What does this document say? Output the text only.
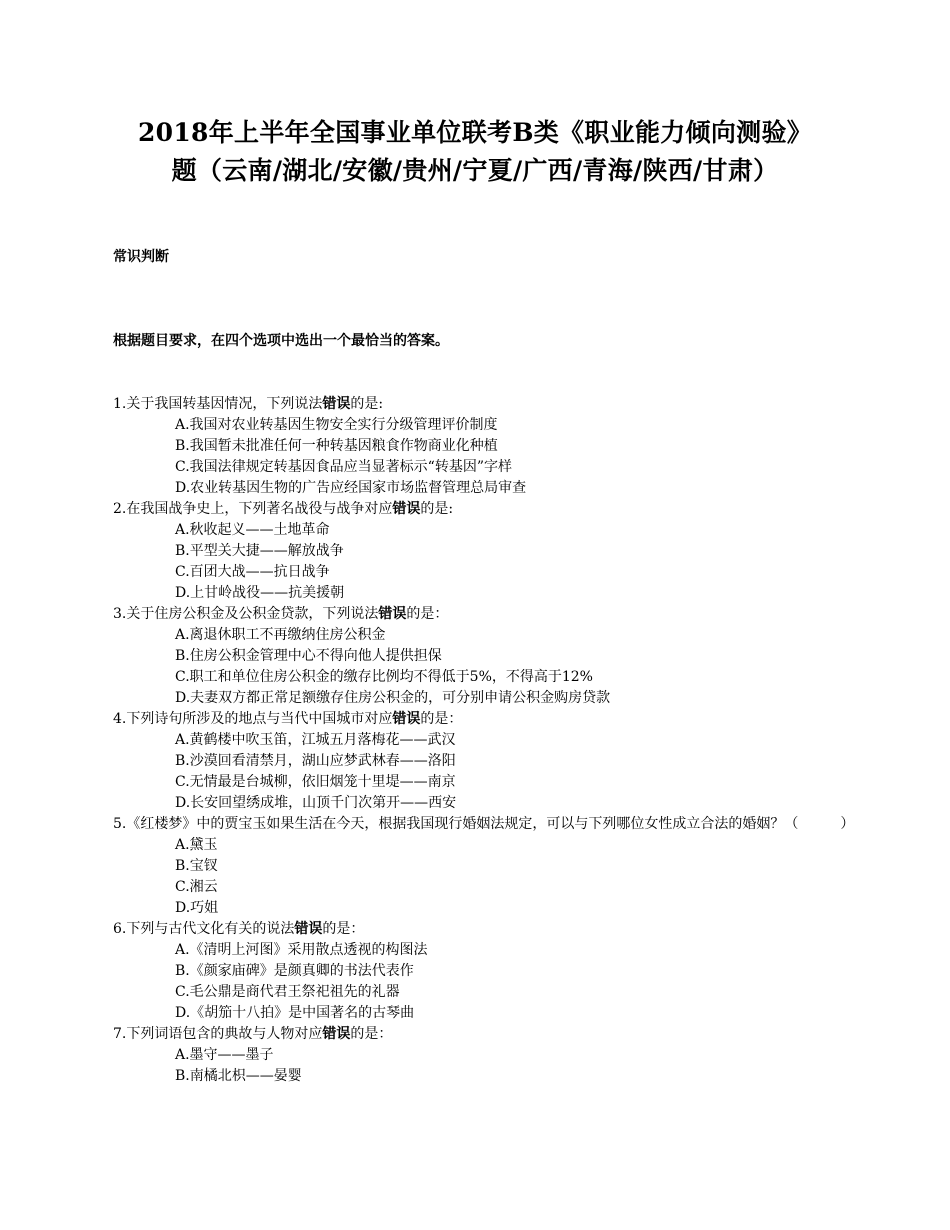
2018年上半年全国事业单位联考B类《职业能力倾向测验》
题（云南/湖北/安徽/贵州/宁夏/广西/青海/陕西/甘肃）
常识判断
根据题目要求，在四个选项中选出一个最恰当的答案。
1.关于我国转基因情况，下列说法错误的是:
A.我国对农业转基因生物安全实行分级管理评价制度
B.我国暂未批准任何一种转基因粮食作物商业化种植
C.我国法律规定转基因食品应当显著标示“转基因”字样
D.农业转基因生物的广告应经国家市场监督管理总局审查
2.在我国战争史上，下列著名战役与战争对应错误的是:
A.秋收起义——土地革命
B.平型关大捷——解放战争
C.百团大战——抗日战争
D.上甘岭战役——抗美援朝
3.关于住房公积金及公积金贷款，下列说法错误的是：
A.离退休职工不再缴纳住房公积金
B.住房公积金管理中心不得向他人提供担保
C.职工和单位住房公积金的缴存比例均不得低于5%，不得高于12%
D.夫妻双方都正常足额缴存住房公积金的，可分别申请公积金购房贷款
4.下列诗句所涉及的地点与当代中国城市对应错误的是：
A.黄鹤楼中吹玉笛，江城五月落梅花——武汉
B.沙漠回看清禁月，湖山应梦武林春——洛阳
C.无情最是台城柳，依旧烟笼十里堤——南京
D.长安回望绣成堆，山顶千门次第开——西安
5.《红楼梦》中的贾宝玉如果生活在今天，根据我国现行婚姻法规定，可以与下列哪位女性成立合法的婚姻？（　　　）
A.黛玉
B.宝钗
C.湘云
D.巧姐
6.下列与古代文化有关的说法错误的是：
A.《清明上河图》采用散点透视的构图法
B.《颜家庙碑》是颜真卿的书法代表作
C.毛公鼎是商代君王祭祀祖先的礼器
D.《胡笳十八拍》是中国著名的古琴曲
7.下列词语包含的典故与人物对应错误的是：
A.墨守——墨子
B.南橘北枳——晏婴
